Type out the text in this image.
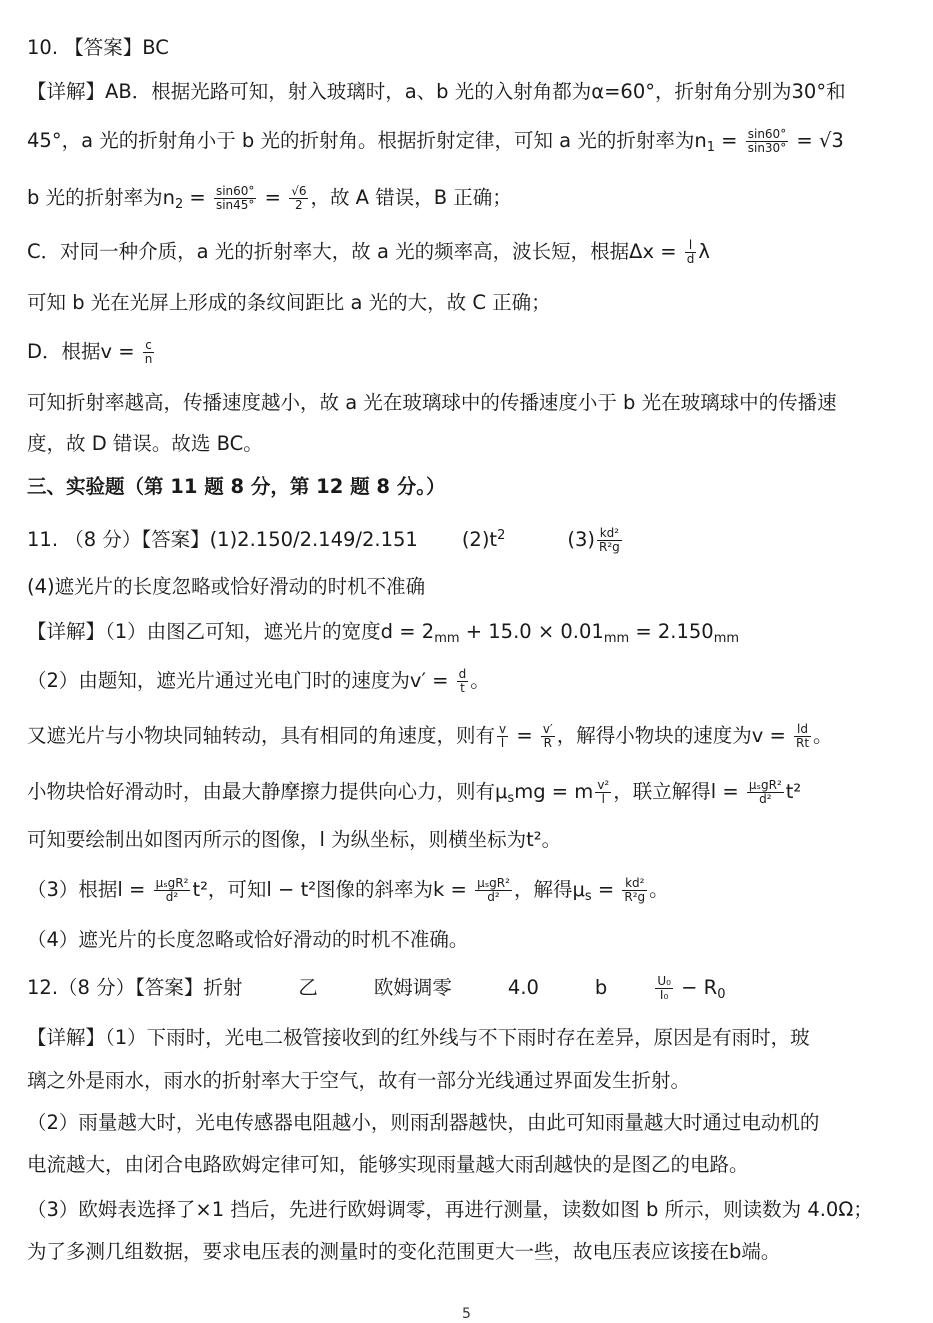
10. 【答案】BC
【详解】AB．根据光路可知，射入玻璃时，a、b 光的入射角都为α=60°，折射角分别为30°和
45°，a 光的折射角小于 b 光的折射角。根据折射定律，可知 a 光的折射率为$n_1 = \frac{\sin 60^\circ}{\sin 30^\circ} = √3$
b 光的折射率为$n_2 = \frac{\sin 60^\circ}{\sin 45^\circ} = \frac{√6}{2}$ ，故 A 错误，B 正确；
C．对同一种介质，a 光的折射率大，故 a 光的频率高，波长短，根据$\Delta x = \frac{l}{d}$ λ
可知 b 光在光屏上形成的条纹间距比 a 光的大，故 C 正确；
D．根据$v = \frac{c}{n}$
可知折射率越高，传播速度越小，故 a 光在玻璃球中的传播速度小于 b 光在玻璃球中的传播速
度，故 D 错误。故选 BC。
三、实验题（第 11 题 8 分，第 12 题 8 分。）
11. （8 分）【答案】(1)2.150/2.149/2.151 $(2)t^2$	$(3) \frac{\text{kd²}}{\text{R²g}}$
(4)遮光片的长度忽略或恰好滑动的时机不准确
【详解】（1）由图乙可知，遮光片的宽度$d = 2_{mm} + 15.0 \times 0.01_{mm} = 2.150_{mm}$
（2）由题知，遮光片通过光电门时的速度为$v' = \frac{d}{t}$ 。
又遮光片与小物块同轴转动，具有相同的角速度，则有 $\frac{v}{l} = \frac{v'}{R}$ ，解得小物块的速度为$v = \frac{ld}{Rt}$ 。
小物块恰好滑动时，由最大静摩擦力提供向心力，则有$\mu_smg = m \frac{\text{v²}}{l}$ ，联立解得$l = \frac{\text{μₛgR²}}{\text{d²}} t^2$
可知要绘制出如图丙所示的图像，l 为纵坐标，则横坐标为t²。
（3）根据$l = \frac{\text{μₛgR²}}{\text{d²}} t^2$，可知l − t²图像的斜率为$k = \frac{\text{μₛgR²}}{\text{d²}}$ ，解得$\mu_s = \frac{\text{kd²}}{\text{R²g}}$ 。
（4）遮光片的长度忽略或恰好滑动的时机不准确。
12.（8 分）【答案】折射	乙	欧姆调零	4.0	b	$\frac{\text{U₀}}{\text{I₀}} - R_0$
【详解】（1）下雨时，光电二极管接收到的红外线与不下雨时存在差异，原因是有雨时，玻
璃之外是雨水，雨水的折射率大于空气，故有一部分光线通过界面发生折射。
（2）雨量越大时，光电传感器电阻越小，则雨刮器越快，由此可知雨量越大时通过电动机的
电流越大，由闭合电路欧姆定律可知，能够实现雨量越大雨刮越快的是图乙的电路。
（3）欧姆表选择了×1 挡后，先进行欧姆调零，再进行测量，读数如图 b 所示，则读数为 4.0Ω；
为了多测几组数据，要求电压表的测量时的变化范围更大一些，故电压表应该接在b端。
5
